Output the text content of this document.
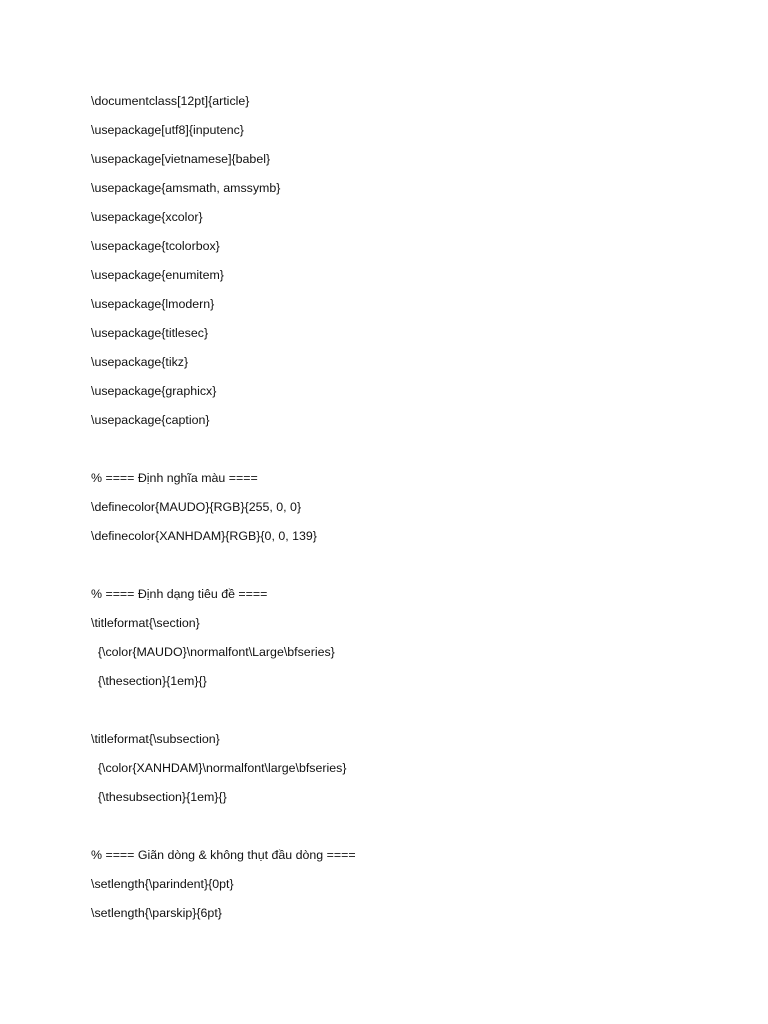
\documentclass[12pt]{article}
\usepackage[utf8]{inputenc}
\usepackage[vietnamese]{babel}
\usepackage{amsmath, amssymb}
\usepackage{xcolor}
\usepackage{tcolorbox}
\usepackage{enumitem}
\usepackage{lmodern}
\usepackage{titlesec}
\usepackage{tikz}
\usepackage{graphicx}
\usepackage{caption}
% ==== Định nghĩa màu ====
\definecolor{MAUDO}{RGB}{255, 0, 0}
\definecolor{XANHDAM}{RGB}{0, 0, 139}
% ==== Định dạng tiêu đề ====
\titleformat{\section}
{\color{MAUDO}\normalfont\Large\bfseries}
{\thesection}{1em}{}
\titleformat{\subsection}
{\color{XANHDAM}\normalfont\large\bfseries}
{\thesubsection}{1em}{}
% ==== Giãn dòng & không thụt đầu dòng ====
\setlength{\parindent}{0pt}
\setlength{\parskip}{6pt}
